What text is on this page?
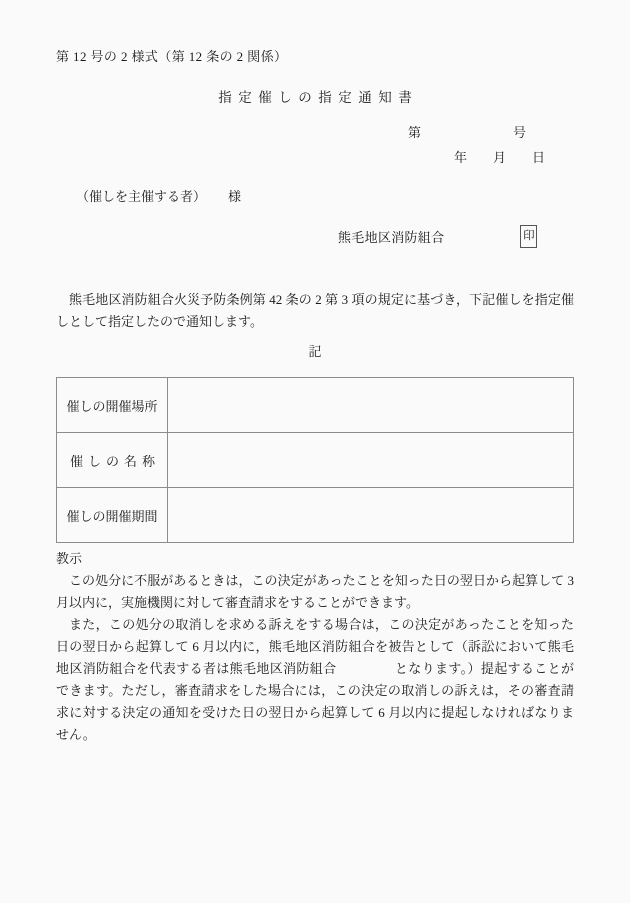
第 12 号の 2 様式（第 12 条の 2 関係）
指定催しの指定通知書
第	号
年 月 日
（催しを主催する者） 様
熊毛地区消防組合	印
熊毛地区消防組合火災予防条例第 42 条の 2 第 3 項の規定に基づき，下記催しを指定催しとして指定したので通知します。
記
催しの開催場所	

催しの名称	

催しの開催期間	

教示

この処分に不服があるときは，この決定があったことを知った日の翌日から起算して 3 月以内に，実施機関に対して審査請求をすることができます。

また，この処分の取消しを求める訴えをする場合は，この決定があったことを知った日の翌日から起算して 6 月以内に，熊毛地区消防組合を被告として（訴訟において熊毛地区消防組合を代表する者は熊毛地区消防組合	となります。）提起することができます。ただし，審査請求をした場合には，この決定の取消しの訴えは，その審査請求に対する決定の通知を受けた日の翌日から起算して 6 月以内に提起しなければなりません。
